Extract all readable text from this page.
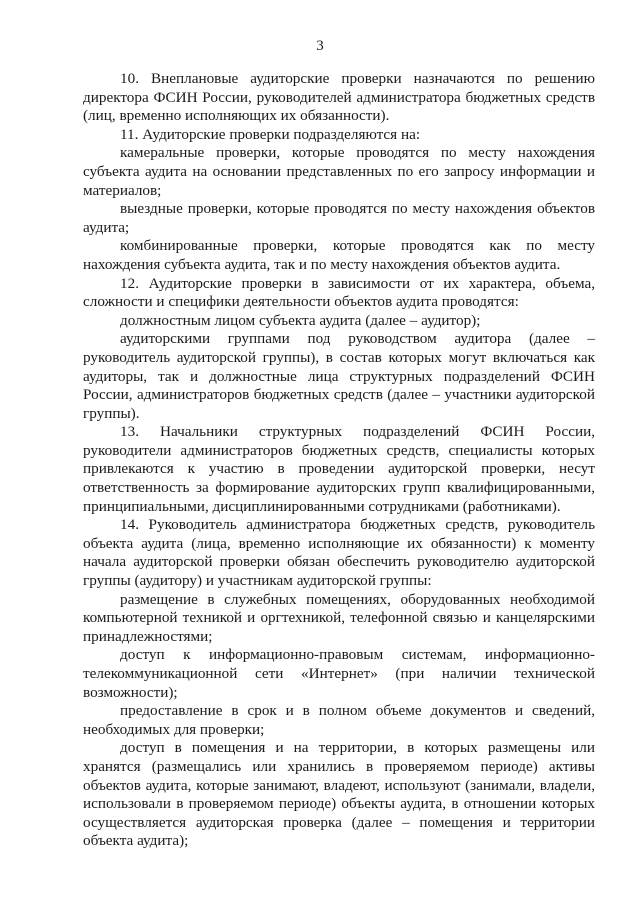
3

10. Внеплановые аудиторские проверки назначаются по решению директора ФСИН России, руководителей администратора бюджетных средств (лиц, временно исполняющих их обязанности).

11. Аудиторские проверки подразделяются на:

камеральные проверки, которые проводятся по месту нахождения субъекта аудита на основании представленных по его запросу информации и материалов;

выездные проверки, которые проводятся по месту нахождения объектов аудита;

комбинированные проверки, которые проводятся как по месту нахождения субъекта аудита, так и по месту нахождения объектов аудита.

12. Аудиторские проверки в зависимости от их характера, объема, сложности и специфики деятельности объектов аудита проводятся:

должностным лицом субъекта аудита (далее – аудитор);

аудиторскими группами под руководством аудитора (далее – руководитель аудиторской группы), в состав которых могут включаться как аудиторы, так и должностные лица структурных подразделений ФСИН России, администраторов бюджетных средств (далее – участники аудиторской группы).

13. Начальники структурных подразделений ФСИН России, руководители администраторов бюджетных средств, специалисты которых привлекаются к участию в проведении аудиторской проверки, несут ответственность за формирование аудиторских групп квалифицированными, принципиальными, дисциплинированными сотрудниками (работниками).

14. Руководитель администратора бюджетных средств, руководитель объекта аудита (лица, временно исполняющие их обязанности) к моменту начала аудиторской проверки обязан обеспечить руководителю аудиторской группы (аудитору) и участникам аудиторской группы:

размещение в служебных помещениях, оборудованных необходимой компьютерной техникой и оргтехникой, телефонной связью и канцелярскими принадлежностями;

доступ к информационно-правовым системам, информационно-телекоммуникационной сети «Интернет» (при наличии технической возможности);

предоставление в срок и в полном объеме документов и сведений, необходимых для проверки;

доступ в помещения и на территории, в которых размещены или хранятся (размещались или хранились в проверяемом периоде) активы объектов аудита, которые занимают, владеют, используют (занимали, владели, использовали в проверяемом периоде) объекты аудита, в отношении которых осуществляется аудиторская проверка (далее – помещения и территории объекта аудита);
